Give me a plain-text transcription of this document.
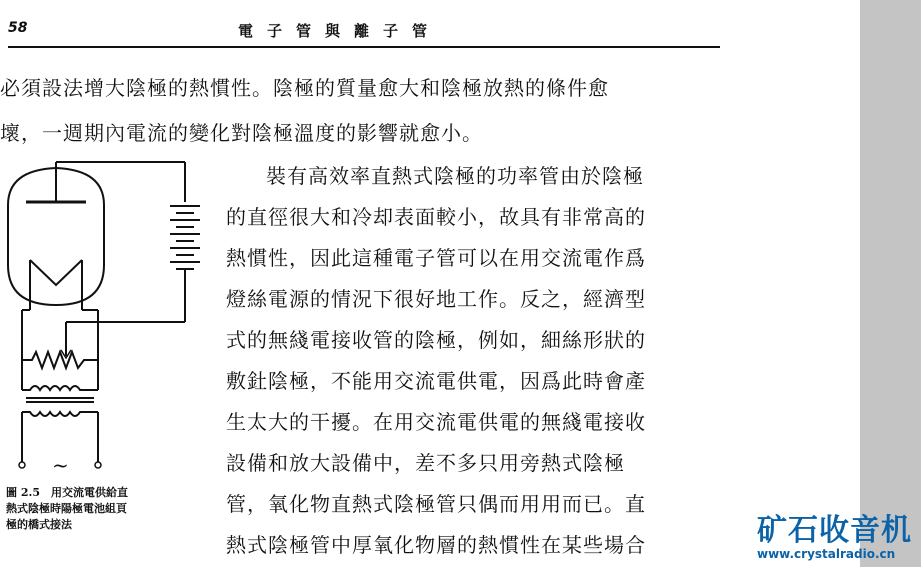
58	電子管與離子管
必須設法增大陰極的熱慣性。陰極的質量愈大和陰極放熱的條件愈
壞，一週期內電流的變化對陰極溫度的影響就愈小。
~
圖 2.5　用交流電供給直
熱式陰極時陽極電池組頁
極的橋式接法
裝有高效率直熱式陰極的功率管由於陰極
的直徑很大和冷却表面較小，故具有非常高的
熱慣性，因此這種電子管可以在用交流電作爲
燈絲電源的情況下很好地工作。反之，經濟型
式的無綫電接收管的陰極，例如，細絲形狀的
敷釷陰極，不能用交流電供電，因爲此時會產
生太大的干擾。在用交流電供電的無綫電接收
設備和放大設備中，差不多只用旁熱式陰極
管，氧化物直熱式陰極管只偶而用用而已。直
熱式陰極管中厚氧化物層的熱慣性在某些場合	矿石收音机
www.crystalradio.cn
